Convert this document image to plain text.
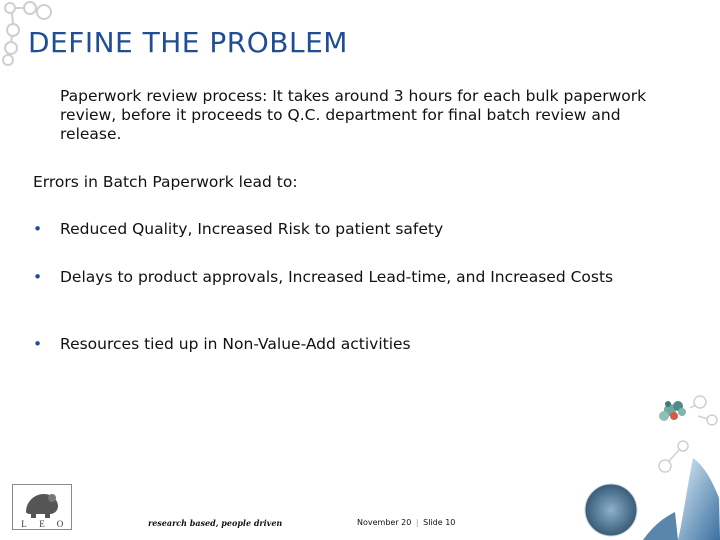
DEFINE THE PROBLEM
Paperwork review process: It takes around 3 hours for each bulk paperwork review, before it proceeds to Q.C. department for final batch review and release.
Errors in Batch Paperwork lead to:
• Reduced Quality, Increased Risk to patient safety
• Delays to product approvals, Increased Lead-time, and Increased Costs
• Resources tied up in Non-Value-Add activities
L E O	research based, people driven	November 20 | Slide 10
